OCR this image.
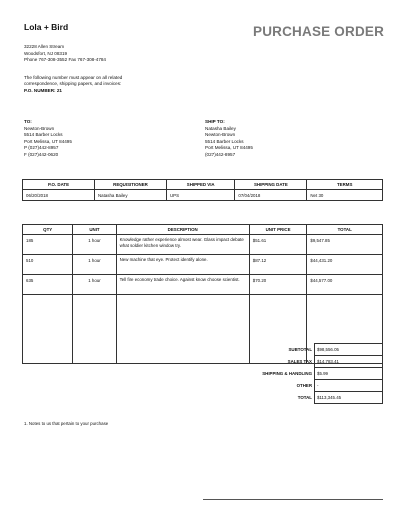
Lola + Bird	PURCHASE ORDER
32228 Allen Stream
Woodsfort, NJ 08319
Phone 767-308-3552 Fax 767-308-4784
The following number must appear on all related
correspondence, shipping papers, and invoices:
P.O. NUMBER: 21
TO:
Newton-Brown
5514 Barber Locks
Port Melissa, UT 84495
P (027)442-8957
F (027)442-0620
SHIP TO:
Natasha Bailey
Newton-Brown
5514 Barber Locks
Port Melissa, UT 84495
(027)442-8957
P.O. DATE	REQUISITIONER	SHIPPED VIA	SHIPPING DATE	TERMS
06/20/2018	Natasha Bailey	UPS	07/04/2018	Net 30
QTY	UNIT	DESCRIPTION	UNIT PRICE	TOTAL
185	1 hour	Knowledge rather experience almost wear. Glass impact debate what soldier kitchen window try.	$51.61	$9,547.85
510	1 hour	New machine that eye. Protect identify alone.	$87.12	$44,431.20
635	1 hour	Tell fire economy trade choice. Against know choose scientist.	$70.20	$44,577.00

SUBTOTAL	$98,556.05
SALES TAX	$14,783.41
SHIPPING & HANDLING	$5.99
OTHER	-
TOTAL	$113,345.45
1. Notes to us that pertain to your purchase
